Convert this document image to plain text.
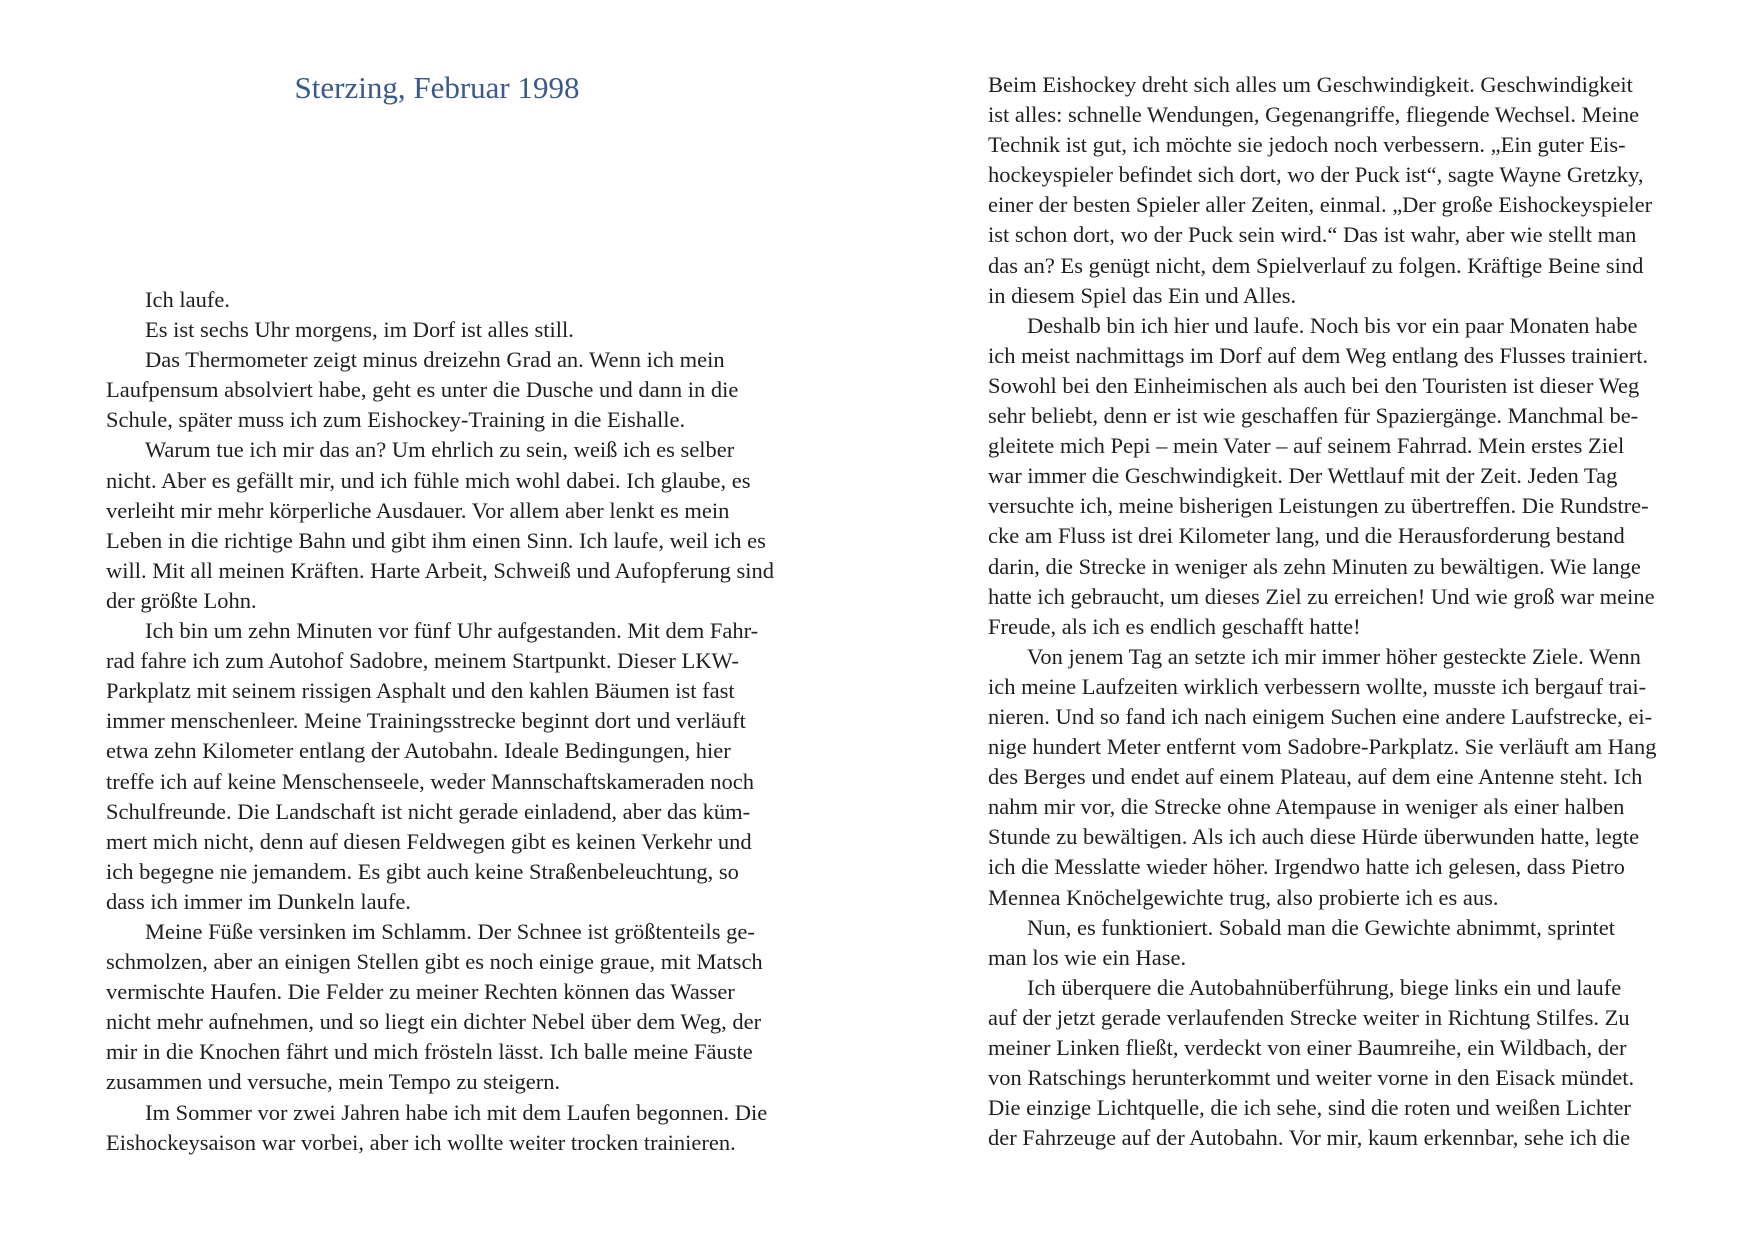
Sterzing, Februar 1998
Ich laufe.
Es ist sechs Uhr morgens, im Dorf ist alles still.
Das Thermometer zeigt minus dreizehn Grad an. Wenn ich mein
Laufpensum absolviert habe, geht es unter die Dusche und dann in die
Schule, später muss ich zum Eishockey-Training in die Eishalle.
Warum tue ich mir das an? Um ehrlich zu sein, weiß ich es selber
nicht. Aber es gefällt mir, und ich fühle mich wohl dabei. Ich glaube, es
verleiht mir mehr körperliche Ausdauer. Vor allem aber lenkt es mein
Leben in die richtige Bahn und gibt ihm einen Sinn. Ich laufe, weil ich es
will. Mit all meinen Kräften. Harte Arbeit, Schweiß und Aufopferung sind
der größte Lohn.
Ich bin um zehn Minuten vor fünf Uhr aufgestanden. Mit dem Fahr-
rad fahre ich zum Autohof Sadobre, meinem Startpunkt. Dieser LKW-
Parkplatz mit seinem rissigen Asphalt und den kahlen Bäumen ist fast
immer menschenleer. Meine Trainingsstrecke beginnt dort und verläuft
etwa zehn Kilometer entlang der Autobahn. Ideale Bedingungen, hier
treffe ich auf keine Menschenseele, weder Mannschaftskameraden noch
Schulfreunde. Die Landschaft ist nicht gerade einladend, aber das küm-
mert mich nicht, denn auf diesen Feldwegen gibt es keinen Verkehr und
ich begegne nie jemandem. Es gibt auch keine Straßenbeleuchtung, so
dass ich immer im Dunkeln laufe.
Meine Füße versinken im Schlamm. Der Schnee ist größtenteils ge-
schmolzen, aber an einigen Stellen gibt es noch einige graue, mit Matsch
vermischte Haufen. Die Felder zu meiner Rechten können das Wasser
nicht mehr aufnehmen, und so liegt ein dichter Nebel über dem Weg, der
mir in die Knochen fährt und mich frösteln lässt. Ich balle meine Fäuste
zusammen und versuche, mein Tempo zu steigern.
Im Sommer vor zwei Jahren habe ich mit dem Laufen begonnen. Die
Eishockeysaison war vorbei, aber ich wollte weiter trocken trainieren.
Beim Eishockey dreht sich alles um Geschwindigkeit. Geschwindigkeit
ist alles: schnelle Wendungen, Gegenangriffe, fliegende Wechsel. Meine
Technik ist gut, ich möchte sie jedoch noch verbessern. „Ein guter Eis-
hockeyspieler befindet sich dort, wo der Puck ist“, sagte Wayne Gretzky,
einer der besten Spieler aller Zeiten, einmal. „Der große Eishockeyspieler
ist schon dort, wo der Puck sein wird.“ Das ist wahr, aber wie stellt man
das an? Es genügt nicht, dem Spielverlauf zu folgen. Kräftige Beine sind
in diesem Spiel das Ein und Alles.
Deshalb bin ich hier und laufe. Noch bis vor ein paar Monaten habe
ich meist nachmittags im Dorf auf dem Weg entlang des Flusses trainiert.
Sowohl bei den Einheimischen als auch bei den Touristen ist dieser Weg
sehr beliebt, denn er ist wie geschaffen für Spaziergänge. Manchmal be-
gleitete mich Pepi – mein Vater – auf seinem Fahrrad. Mein erstes Ziel
war immer die Geschwindigkeit. Der Wettlauf mit der Zeit. Jeden Tag
versuchte ich, meine bisherigen Leistungen zu übertreffen. Die Rundstre-
cke am Fluss ist drei Kilometer lang, und die Herausforderung bestand
darin, die Strecke in weniger als zehn Minuten zu bewältigen. Wie lange
hatte ich gebraucht, um dieses Ziel zu erreichen! Und wie groß war meine
Freude, als ich es endlich geschafft hatte!
Von jenem Tag an setzte ich mir immer höher gesteckte Ziele. Wenn
ich meine Laufzeiten wirklich verbessern wollte, musste ich bergauf trai-
nieren. Und so fand ich nach einigem Suchen eine andere Laufstrecke, ei-
nige hundert Meter entfernt vom Sadobre-Parkplatz. Sie verläuft am Hang
des Berges und endet auf einem Plateau, auf dem eine Antenne steht. Ich
nahm mir vor, die Strecke ohne Atempause in weniger als einer halben
Stunde zu bewältigen. Als ich auch diese Hürde überwunden hatte, legte
ich die Messlatte wieder höher. Irgendwo hatte ich gelesen, dass Pietro
Mennea Knöchelgewichte trug, also probierte ich es aus.
Nun, es funktioniert. Sobald man die Gewichte abnimmt, sprintet
man los wie ein Hase.
Ich überquere die Autobahnüberführung, biege links ein und laufe
auf der jetzt gerade verlaufenden Strecke weiter in Richtung Stilfes. Zu
meiner Linken fließt, verdeckt von einer Baumreihe, ein Wildbach, der
von Ratschings herunterkommt und weiter vorne in den Eisack mündet.
Die einzige Lichtquelle, die ich sehe, sind die roten und weißen Lichter
der Fahrzeuge auf der Autobahn. Vor mir, kaum erkennbar, sehe ich die
